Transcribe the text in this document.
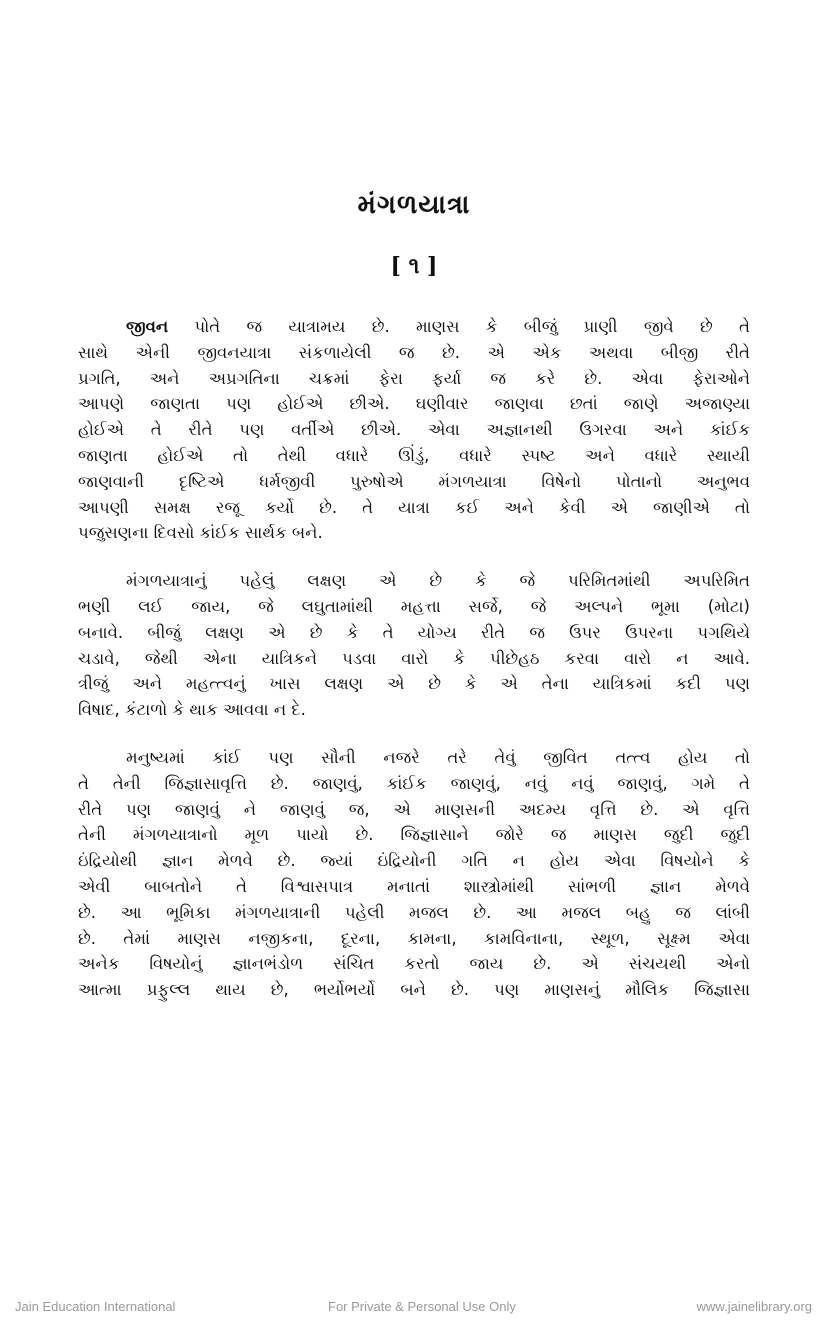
મંગળયાત્રા
[ ૧ ]
જીવન પોતે જ યાત્રામય છે. માણસ કે બીજું પ્રાણી જીવે છે તે
સાથે એની જીવનયાત્રા સંકળાયેલી જ છે. એ એક અથવા બીજી રીતે
પ્રગતિ, અને અપ્રગતિના ચક્રમાં ફેરા ફર્યા જ કરે છે. એવા ફેરાઓને
આપણે જાણતા પણ હોઈએ છીએ. ઘણીવાર જાણવા છતાં જાણે અજાણ્યા
હોઈએ તે રીતે પણ વર્તીએ છીએ. એવા અજ્ઞાનથી ઉગરવા અને કાંઈક
જાણતા હોઈએ તો તેથી વધારે ઊંડું, વધારે સ્પષ્ટ અને વધારે સ્થાયી
જાણવાની દૃષ્ટિએ ધર્મજીવી પુરુષોએ મંગળયાત્રા વિષેનો પોતાનો અનુભવ
આપણી સમક્ષ રજૂ કર્યો છે. તે યાત્રા કઈ અને કેવી એ જાણીએ તો
પજુસણના દિવસો કાંઈક સાર્થક બને.
મંગળયાત્રાનું પહેલું લક્ષણ એ છે કે જે પરિમિતમાંથી અપરિમિત
ભણી લઈ જાય, જે લઘુતામાંથી મહત્તા સર્જે, જે અલ્પને ભૂમા (મોટા)
બનાવે. બીજું લક્ષણ એ છે કે તે યોગ્ય રીતે જ ઉપર ઉપરના પગથિયે
ચડાવે, જેથી એના યાત્રિકને પડવા વારો કે પીછેહઠ કરવા વારો ન આવે.
ત્રીજું અને મહત્ત્વનું ખાસ લક્ષણ એ છે કે એ તેના યાત્રિકમાં કદી પણ
વિષાદ, કંટાળો કે થાક આવવા ન દે.
મનુષ્યમાં કાંઈ પણ સૌની નજરે તરે તેવું જીવિત તત્ત્વ હોય તો
તે તેની જિજ્ઞાસાવૃત્તિ છે. જાણવું, કાંઈક જાણવું, નવું નવું જાણવું, ગમે તે
રીતે પણ જાણવું ને જાણવું જ, એ માણસની અદમ્ય વૃત્તિ છે. એ વૃત્તિ
તેની મંગળયાત્રાનો મૂળ પાયો છે. જિજ્ઞાસાને જોરે જ માણસ જુદી જુદી
ઇંદ્રિયોથી જ્ઞાન મેળવે છે. જ્યાં ઇંદ્રિયોની ગતિ ન હોય એવા વિષયોને કે
એવી બાબતોને તે વિશ્વાસપાત્ર મનાતાં શાસ્ત્રોમાંથી સાંભળી જ્ઞાન મેળવે
છે. આ ભૂમિકા મંગળયાત્રાની પહેલી મજલ છે. આ મજલ બહુ જ લાંબી
છે. તેમાં માણસ નજીકના, દૂરના, કામના, કામવિનાના, સ્થૂળ, સૂક્ષ્મ એવા
અનેક વિષયોનું જ્ઞાનભંડોળ સંચિત કરતો જાય છે. એ સંચયથી એનો
આત્મા પ્રફુલ્લ થાય છે, ભર્યોભર્યો બને છે. પણ માણસનું મૌલિક જિજ્ઞાસા
Jain Education International	For Private & Personal Use Only	www.jainelibrary.org
